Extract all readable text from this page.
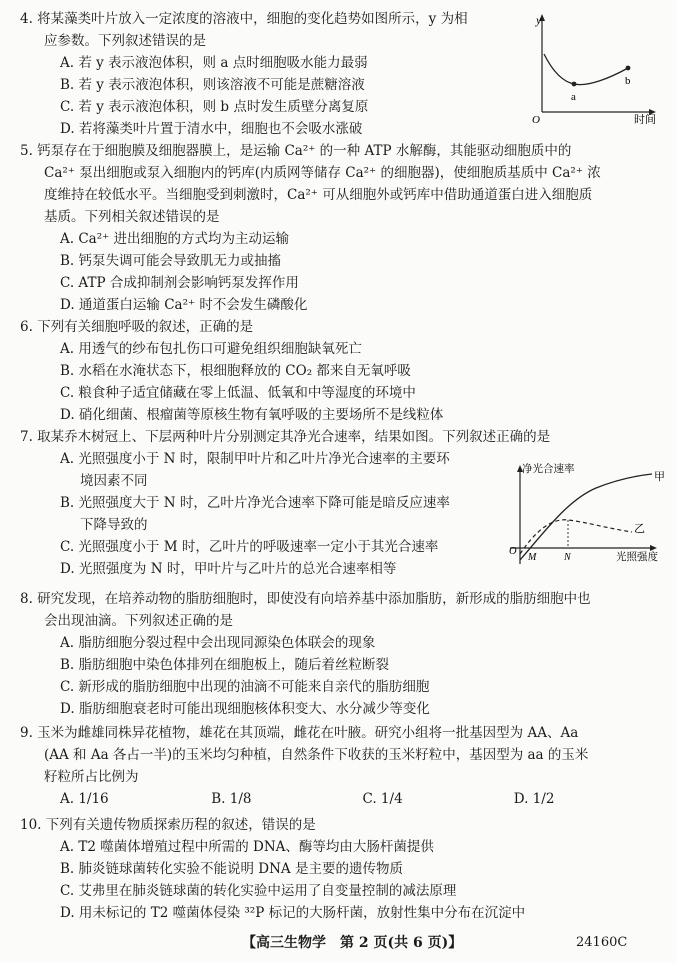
4. 将某藻类叶片放入一定浓度的溶液中，细胞的变化趋势如图所示，y 为相
应参数。下列叙述错误的是
A. 若 y 表示液泡体积，则 a 点时细胞吸水能力最弱
B. 若 y 表示液泡体积，则该溶液不可能是蔗糖溶液
C. 若 y 表示液泡体积，则 b 点时发生质壁分离复原
D. 若将藻类叶片置于清水中，细胞也不会吸水涨破
y
a
b
O	时间
5. 钙泵存在于细胞膜及细胞器膜上，是运输 Ca²⁺ 的一种 ATP 水解酶，其能驱动细胞质中的
Ca²⁺ 泵出细胞或泵入细胞内的钙库(内质网等储存 Ca²⁺ 的细胞器)，使细胞质基质中 Ca²⁺ 浓
度维持在较低水平。当细胞受到刺激时，Ca²⁺ 可从细胞外或钙库中借助通道蛋白进入细胞质
基质。下列相关叙述错误的是
A. Ca²⁺ 进出细胞的方式均为主动运输
B. 钙泵失调可能会导致肌无力或抽搐
C. ATP 合成抑制剂会影响钙泵发挥作用
D. 通道蛋白运输 Ca²⁺ 时不会发生磷酸化
6. 下列有关细胞呼吸的叙述，正确的是
A. 用透气的纱布包扎伤口可避免组织细胞缺氧死亡
B. 水稻在水淹状态下，根细胞释放的 CO₂ 都来自无氧呼吸
C. 粮食种子适宜储藏在零上低温、低氧和中等湿度的环境中
D. 硝化细菌、根瘤菌等原核生物有氧呼吸的主要场所不是线粒体
7. 取某乔木树冠上、下层两种叶片分别测定其净光合速率，结果如图。下列叙述正确的是
A. 光照强度小于 N 时，限制甲叶片和乙叶片净光合速率的主要环
境因素不同
B. 光照强度大于 N 时，乙叶片净光合速率下降可能是暗反应速率
下降导致的
C. 光照强度小于 M 时，乙叶片的呼吸速率一定小于其光合速率
D. 光照强度为 N 时，甲叶片与乙叶片的总光合速率相等
净光合速率
光照强度
O
M	N
甲
乙
8. 研究发现，在培养动物的脂肪细胞时，即使没有向培养基中添加脂肪，新形成的脂肪细胞中也
会出现油滴。下列叙述正确的是
A. 脂肪细胞分裂过程中会出现同源染色体联会的现象
B. 脂肪细胞中染色体排列在细胞板上，随后着丝粒断裂
C. 新形成的脂肪细胞中出现的油滴不可能来自亲代的脂肪细胞
D. 脂肪细胞衰老时可能出现细胞核体积变大、水分减少等变化
9. 玉米为雌雄同株异花植物，雄花在其顶端，雌花在叶腋。研究小组将一批基因型为 AA、Aa
(AA 和 Aa 各占一半)的玉米均匀种植，自然条件下收获的玉米籽粒中，基因型为 aa 的玉米
籽粒所占比例为
A. 1/16	B. 1/8	C. 1/4	D. 1/2
10. 下列有关遗传物质探索历程的叙述，错误的是
A. T2 噬菌体增殖过程中所需的 DNA、酶等均由大肠杆菌提供
B. 肺炎链球菌转化实验不能说明 DNA 是主要的遗传物质
C. 艾弗里在肺炎链球菌的转化实验中运用了自变量控制的减法原理
D. 用未标记的 T2 噬菌体侵染 ³²P 标记的大肠杆菌，放射性集中分布在沉淀中
【高三生物学　第 2 页(共 6 页)】	24160C
